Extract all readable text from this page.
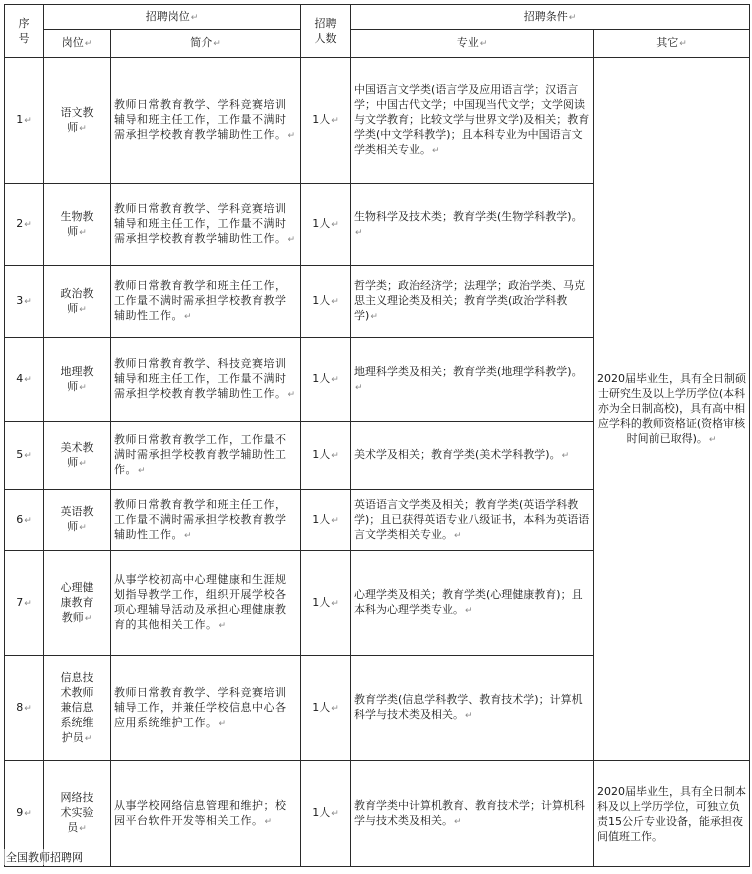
序
号	招聘岗位↵		招聘
人数	招聘条件↵	
	岗位↵	简介↵		专业↵	其它↵
1↵	语文教
师↵	教师日常教育教学、学科竞赛培训辅导和班主任工作，工作量不满时需承担学校教育教学辅助性工作。↵	1人↵	中国语言文学类(语言学及应用语言学；汉语言学；中国古代文学；中国现当代文学；文学阅读与文学教育；比较文学与世界文学)及相关；教育学类(中文学科教学)；且本科专业为中国语言文学类相关专业。↵	2020届毕业生，具有全日制硕士研究生及以上学历学位(本科亦为全日制高校)，具有高中相应学科的教师资格证(资格审核时间前已取得)。↵
2↵	生物教
师↵	教师日常教育教学、学科竞赛培训辅导和班主任工作，工作量不满时需承担学校教育教学辅助性工作。↵	1人↵	生物科学及技术类；教育学类(生物学科教学)。↵	
3↵	政治教
师↵	教师日常教育教学和班主任工作，工作量不满时需承担学校教育教学辅助性工作。↵	1人↵	哲学类；政治经济学；法理学；政治学类、马克思主义理论类及相关；教育学类(政治学科教学)↵	
4↵	地理教
师↵	教师日常教育教学、科技竞赛培训辅导和班主任工作，工作量不满时需承担学校教育教学辅助性工作。↵	1人↵	地理科学类及相关；教育学类(地理学科教学)。↵	
5↵	美术教
师↵	教师日常教育教学工作，工作量不满时需承担学校教育教学辅助性工作。↵	1人↵	美术学及相关；教育学类(美术学科教学)。↵	
6↵	英语教
师↵	教师日常教育教学和班主任工作，工作量不满时需承担学校教育教学辅助性工作。↵	1人↵	英语语言文学类及相关；教育学类(英语学科教学)；且已获得英语专业八级证书，本科为英语语言文学类相关专业。↵	
7↵	心理健
康教育
教师↵	从事学校初高中心理健康和生涯规划指导教学工作，组织开展学校各项心理辅导活动及承担心理健康教育的其他相关工作。↵	1人↵	心理学类及相关；教育学类(心理健康教育)；且本科为心理学类专业。↵	
8↵	信息技
术教师
兼信息
系统维
护员↵	教师日常教育教学、学科竞赛培训辅导工作，并兼任学校信息中心各应用系统维护工作。↵	1人↵	教育学类(信息学科教学、教育技术学)；计算机科学与技术类及相关。↵	
9↵	网络技
术实验
员↵	从事学校网络信息管理和维护；校园平台软件开发等相关工作。↵	1人↵	教育学类中计算机教育、教育技术学；计算机科学与技术类及相关。↵	2020届毕业生，具有全日制本科及以上学历学位，可独立负责15公斤专业设备，能承担夜间值班工作。
全国教师招聘网
